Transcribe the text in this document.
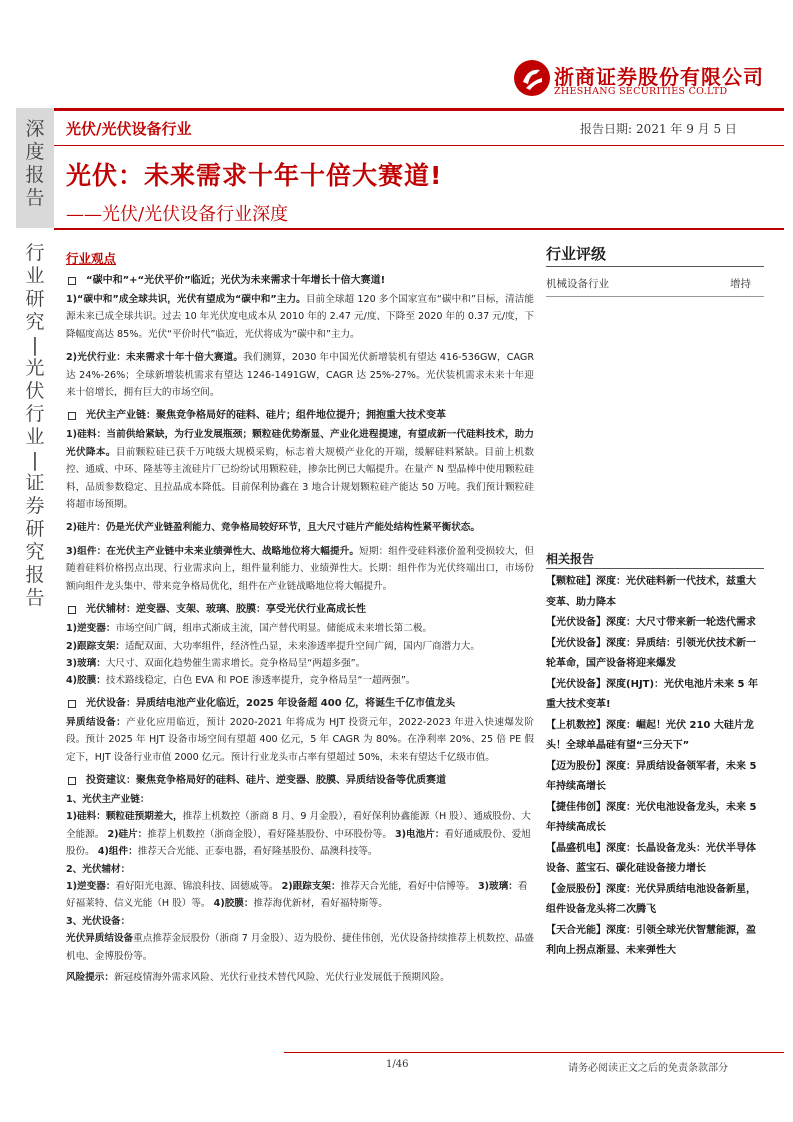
浙商证券股份有限公司
ZHESHANG SECURITIES CO.LTD
深
度
报
告
行
业
研
究
|
光
伏
行
业
|
证
券
研
究
报
告
光伏/光伏设备行业	报告日期: 2021 年 9 月 5 日
光伏：未来需求十年十倍大赛道!
——光伏/光伏设备行业深度
行业观点
“碳中和”+“光伏平价”临近；光伏为未来需求十年增长十倍大赛道!
1)“碳中和”成全球共识，光伏有望成为“碳中和”主力。目前全球超 120 多个国家宣布“碳中和”目标，清洁能源未来已成全球共识。过去 10 年光伏度电成本从 2010 年的 2.47 元/度、下降至 2020 年的 0.37 元/度，下降幅度高达 85%。光伏“平价时代”临近，光伏将成为“碳中和”主力。
2)光伏行业：未来需求十年十倍大赛道。我们测算，2030 年中国光伏新增装机有望达 416-536GW，CAGR 达 24%-26%；全球新增装机需求有望达 1246-1491GW，CAGR 达 25%-27%。光伏装机需求未来十年迎来十倍增长，拥有巨大的市场空间。
光伏主产业链：聚焦竞争格局好的硅料、硅片；组件地位提升；拥抱重大技术变革
1)硅料：当前供给紧缺，为行业发展瓶颈；颗粒硅优势渐显、产业化进程提速，有望成新一代硅料技术，助力光伏降本。目前颗粒硅已获千万吨级大规模采购，标志着大规模产业化的开端，缓解硅料紧缺。目前上机数控、通威、中环、隆基等主流硅片厂已纷纷试用颗粒硅，掺杂比例已大幅提升。在量产 N 型晶棒中使用颗粒硅料，品质参数稳定、且拉晶成本降低。目前保利协鑫在 3 地合计规划颗粒硅产能达 50 万吨。我们预计颗粒硅将超市场预期。
2)硅片：仍是光伏产业链盈利能力、竞争格局较好环节，且大尺寸硅片产能处结构性紧平衡状态。
3)组件：在光伏主产业链中未来业绩弹性大、战略地位将大幅提升。短期：组件受硅料涨价盈利受损较大，但随着硅料价格拐点出现、行业需求向上，组件量利能力、业绩弹性大。长期：组件作为光伏终端出口，市场份额向组件龙头集中、带来竞争格局优化，组件在产业链战略地位将大幅提升。
光伏辅材：逆变器、支架、玻璃、胶膜：享受光伏行业高成长性
1)逆变器：市场空间广阔，组串式渐成主流，国产替代明显。储能成未来增长第二极。
2)跟踪支架：适配双面、大功率组件，经济性凸显，未来渗透率提升空间广阔，国内厂商潜力大。
3)玻璃：大尺寸、双面化趋势催生需求增长。竞争格局呈“两超多强”。
4)胶膜：技术路线稳定，白色 EVA 和 POE 渗透率提升，竞争格局呈“一超两强”。
光伏设备：异质结电池产业化临近，2025 年设备超 400 亿，将诞生千亿市值龙头
异质结设备：产业化应用临近，预计 2020-2021 年将成为 HJT 投资元年，2022-2023 年进入快速爆发阶段。预计 2025 年 HJT 设备市场空间有望超 400 亿元，5 年 CAGR 为 80%。在净利率 20%、25 倍 PE 假定下，HJT 设备行业市值 2000 亿元。预计行业龙头市占率有望超过 50%，未来有望达千亿级市值。
投资建议：聚焦竞争格局好的硅料、硅片、逆变器、胶膜、异质结设备等优质赛道
1、光伏主产业链：
1)硅料：颗粒硅预期差大，推荐上机数控（浙商 8 月、9 月金股），看好保利协鑫能源（H 股）、通威股份、大全能源。 2)硅片：推荐上机数控（浙商金股），看好隆基股份、中环股份等。 3)电池片：看好通威股份、爱旭股份。 4)组件：推荐天合光能、正泰电器，看好隆基股份、晶澳科技等。
2、光伏辅材：
1)逆变器：看好阳光电源、锦浪科技、固德威等。 2)跟踪支架：推荐天合光能，看好中信博等。 3)玻璃：看好福莱特、信义光能（H 股）等。 4)胶膜：推荐海优新材，看好福特斯等。
3、光伏设备：
光伏异质结设备重点推荐金辰股份（浙商 7 月金股）、迈为股份、捷佳伟创，光伏设备持续推荐上机数控、晶盛机电、金博股份等。
风险提示：新冠疫情海外需求风险、光伏行业技术替代风险、光伏行业发展低于预期风险。
行业评级
机械设备行业	增持
相关报告
【颗粒硅】深度：光伏硅料新一代技术，兹重大变革、助力降本
【光伏设备】深度：大尺寸带来新一轮迭代需求
【光伏设备】深度：异质结：引领光伏技术新一轮革命，国产设备将迎来爆发
【光伏设备】深度(HJT)：光伏电池片未来 5 年重大技术变革!
【上机数控】深度：崛起！光伏 210 大硅片龙头！全球单晶硅有望“三分天下”
【迈为股份】深度：异质结设备领军者，未来 5 年持续高增长
【捷佳伟创】深度：光伏电池设备龙头，未来 5 年持续高成长
【晶盛机电】深度：长晶设备龙头：光伏半导体设备、蓝宝石、碳化硅设备接力增长
【金辰股份】深度：光伏异质结电池设备新星，组件设备龙头将二次腾飞
【天合光能】深度：引领全球光伏智慧能源，盈利向上拐点渐显、未来弹性大
1/46	请务必阅读正文之后的免责条款部分
